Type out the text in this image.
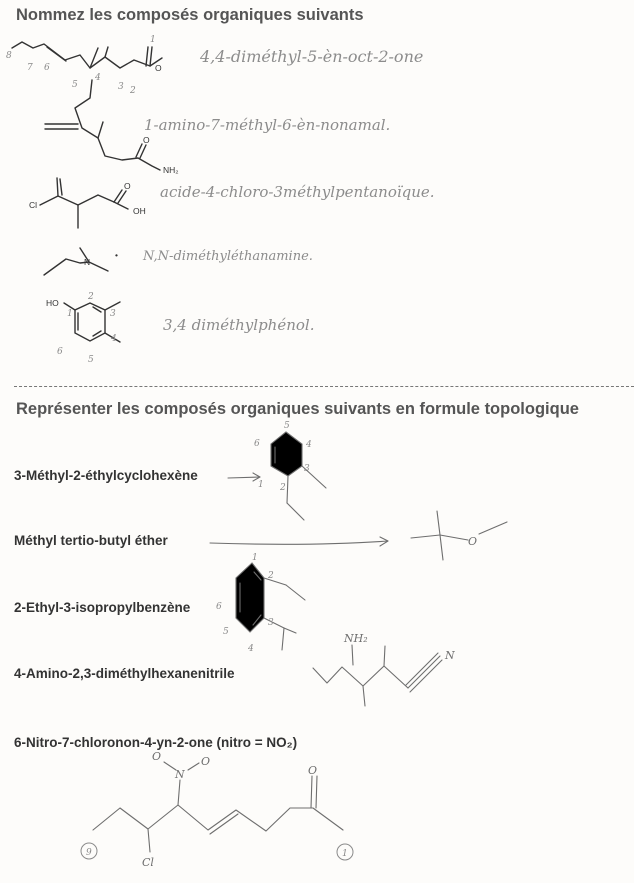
Nommez les composés organiques suivants
4,4-diméthyl-5-èn-oct-2-one
1-amino-7-méthyl-6-èn-nonamal.
acide-4-chloro-3méthylpentanoïque.
N,N-diméthyléthanamine.
3,4 diméthylphénol.
Représenter les composés organiques suivants en formule topologique
3-Méthyl-2-éthylcyclohexène
Méthyl tertio-butyl éther
2-Ethyl-3-isopropylbenzène
4-Amino-2,3-diméthylhexanenitrile
6-Nitro-7-chloronon-4-yn-2-one (nitro = NO₂)
O
8
7 6
5
4
3 2
1
O
NH₂
Cl
O
OH
N
•
HO
1
2
3
4
5
6
6
5
4
3
2
1
O
1
2
3
4
5
6
NH₂
N
N
O	O
O
Cl
9	1
